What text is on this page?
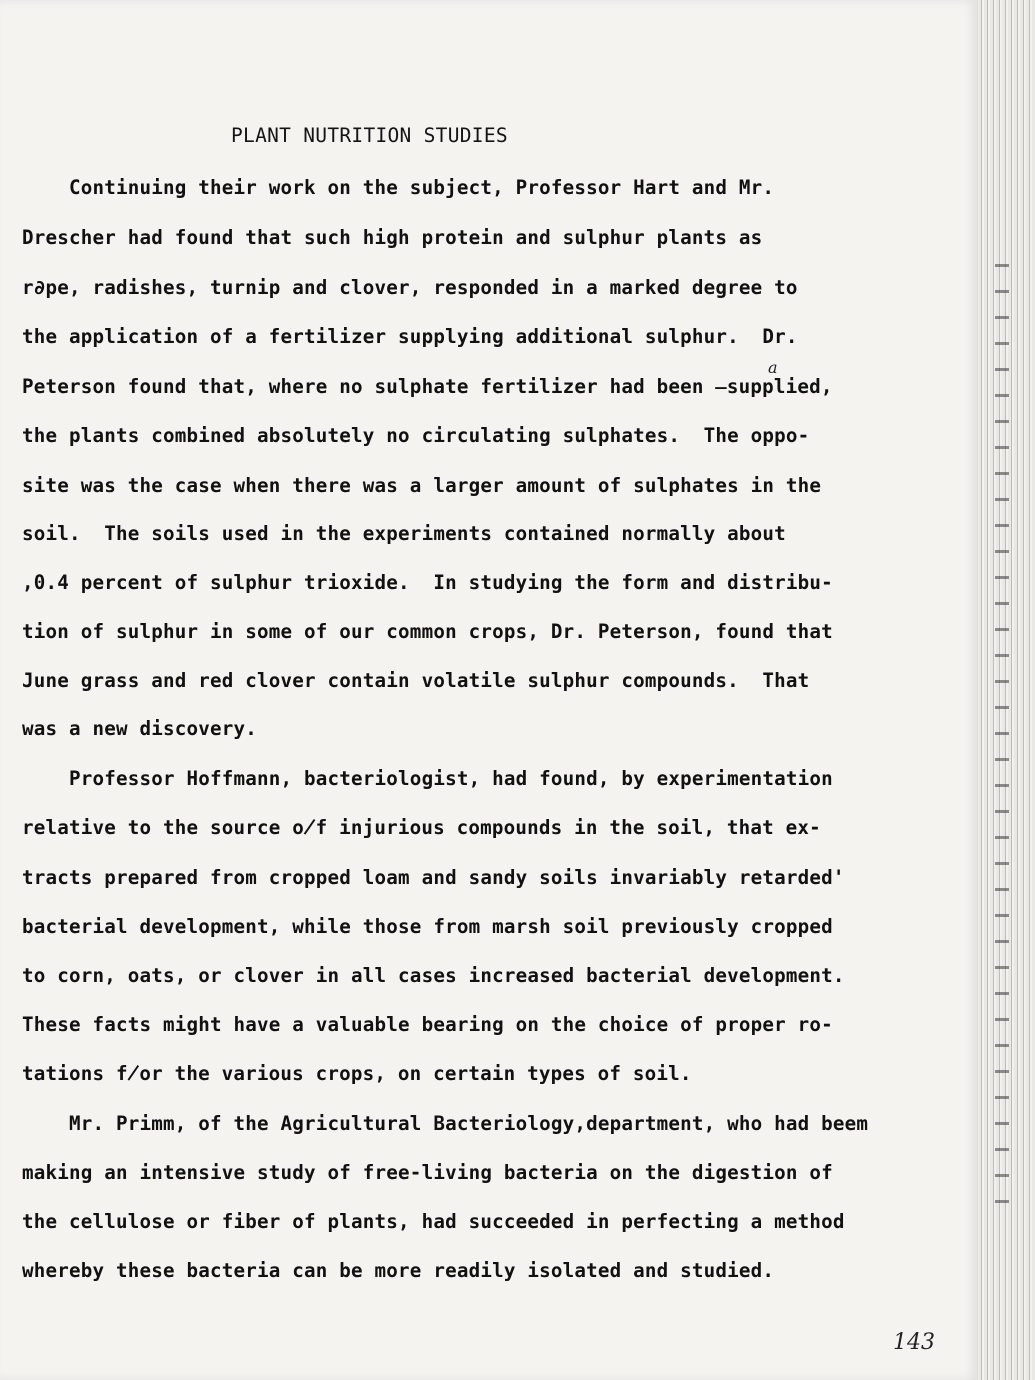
PLANT NUTRITION STUDIES

Continuing their work on the subject, Professor Hart and Mr.

Drescher had found that such high protein and sulphur plants as

r∂pe, radishes, turnip and clover, responded in a marked degree to

the application of a fertilizer supplying additional sulphur.  Dr.

Peterson found that, where no sulphate fertilizer had been ̶supplied,

a

the plants combined absolutely no circulating sulphates.  The oppo-

site was the case when there was a larger amount of sulphates in the

soil.  The soils used in the experiments contained normally about

,0.4 percent of sulphur trioxide.  In studying the form and distribu-

tion of sulphur in some of our common crops, Dr. Peterson, found that

June grass and red clover contain volatile sulphur compounds.  That

was a new discovery.

Professor Hoffmann, bacteriologist, had found, by experimentation

relative to the source o̸f injurious compounds in the soil, that ex-

tracts prepared from cropped loam and sandy soils invariably retarded'

bacterial development, while those from marsh soil previously cropped

to corn, oats, or clover in all cases increased bacterial development.

These facts might have a valuable bearing on the choice of proper ro-

tations f̸or the various crops, on certain types of soil.

Mr. Primm, of the Agricultural Bacteriology,department, who had beem

making an intensive study of free-living bacteria on the digestion of

the cellulose or fiber of plants, had succeeded in perfecting a method

whereby these bacteria can be more readily isolated and studied.

143
